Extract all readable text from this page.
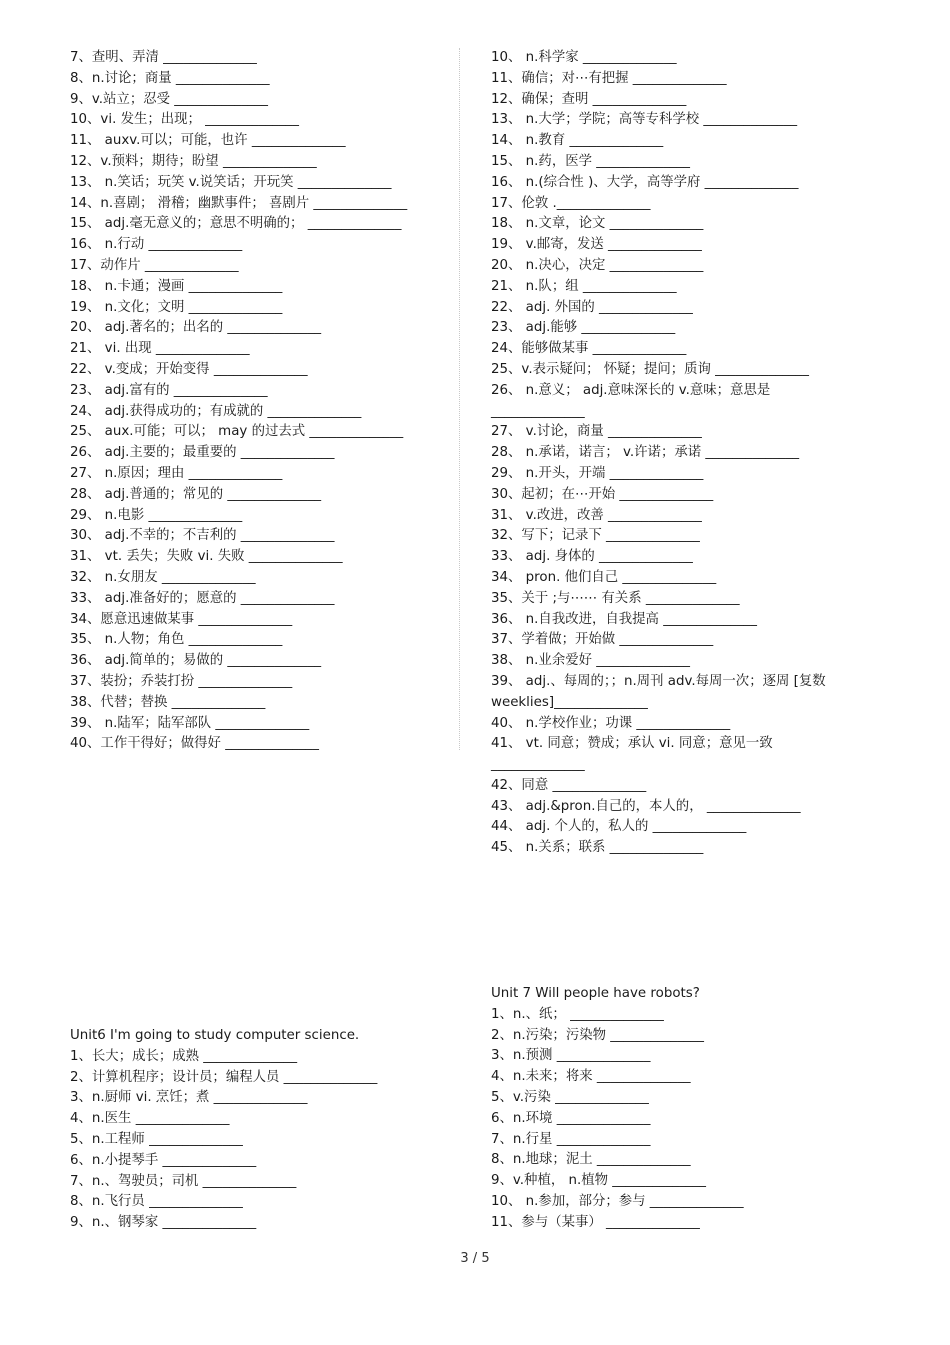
7、查明、弄清 ______________
8、n.讨论；商量 ______________
9、v.站立；忍受 ______________
10、vi. 发生；出现； ______________
11、 auxv.可以；可能，也许 ______________
12、v.预料；期待；盼望 ______________
13、 n.笑话；玩笑 v.说笑话；开玩笑 ______________
14、n.喜剧； 滑稽；幽默事件； 喜剧片 ______________
15、 adj.毫无意义的；意思不明确的； ______________
16、 n.行动 ______________
17、动作片 ______________
18、 n.卡通；漫画 ______________
19、 n.文化；文明 ______________
20、 adj.著名的；出名的 ______________
21、 vi. 出现 ______________
22、 v.变成；开始变得 ______________
23、 adj.富有的 ______________
24、 adj.获得成功的；有成就的 ______________
25、 aux.可能；可以； may 的过去式 ______________
26、 adj.主要的；最重要的 ______________
27、 n.原因；理由 ______________
28、 adj.普通的；常见的 ______________
29、 n.电影 ______________
30、 adj.不幸的；不吉利的 ______________
31、 vt. 丢失；失败 vi. 失败 ______________
32、 n.女朋友 ______________
33、 adj.准备好的；愿意的 ______________
34、愿意迅速做某事 ______________
35、 n.人物；角色 ______________
36、 adj.简单的；易做的 ______________
37、装扮；乔装打扮 ______________
38、代替；替换 ______________
39、 n.陆军；陆军部队 ______________
40、工作干得好；做得好 ______________
10、 n.科学家 ______________
11、确信；对⋯有把握 ______________
12、确保；查明 ______________
13、 n.大学；学院；高等专科学校 ______________
14、 n.教育 ______________
15、 n.药，医学 ______________
16、 n.(综合性 )、大学，高等学府 ______________
17、伦敦 .______________
18、 n.文章，论文 ______________
19、 v.邮寄，发送 ______________
20、 n.决心，决定 ______________
21、 n.队；组 ______________
22、 adj. 外国的 ______________
23、 adj.能够 ______________
24、能够做某事 ______________
25、v.表示疑问； 怀疑；提问；质询 ______________
26、 n.意义； adj.意味深长的 v.意味；意思是
______________
27、 v.讨论，商量 ______________
28、 n.承诺，诺言； v.许诺；承诺 ______________
29、 n.开头，开端 ______________
30、起初；在⋯开始 ______________
31、 v.改进，改善 ______________
32、写下；记录下 ______________
33、 adj. 身体的 ______________
34、 pron. 他们自己 ______________
35、关于 ;与⋯⋯ 有关系 ______________
36、 n.自我改进，自我提高 ______________
37、学着做；开始做 ______________
38、 n.业余爱好 ______________
39、 adj.、每周的；；n.周刊 adv.每周一次；逐周 [复数
weeklies]______________
40、 n.学校作业；功课 ______________
41、 vt. 同意；赞成；承认 vi. 同意；意见一致
______________
42、同意 ______________
43、 adj.&pron.自己的，本人的， ______________
44、 adj. 个人的，私人的 ______________
45、 n.关系；联系 ______________
Unit6 I'm going to study computer science.
1、长大；成长；成熟 ______________
2、计算机程序；设计员；编程人员 ______________
3、n.厨师 vi. 烹饪；煮 ______________
4、n.医生 ______________
5、n.工程师 ______________
6、n.小提琴手 ______________
7、n.、驾驶员；司机 ______________
8、n.飞行员 ______________
9、n.、钢琴家 ______________
Unit 7 Will people have robots?
1、n.、纸； ______________
2、n.污染；污染物 ______________
3、n.预测 ______________
4、n.未来；将来 ______________
5、v.污染 ______________
6、n.环境 ______________
7、n.行星 ______________
8、n.地球；泥土 ______________
9、v.种植， n.植物 ______________
10、 n.参加，部分；参与 ______________
11、参与（某事） ______________
3 / 5
